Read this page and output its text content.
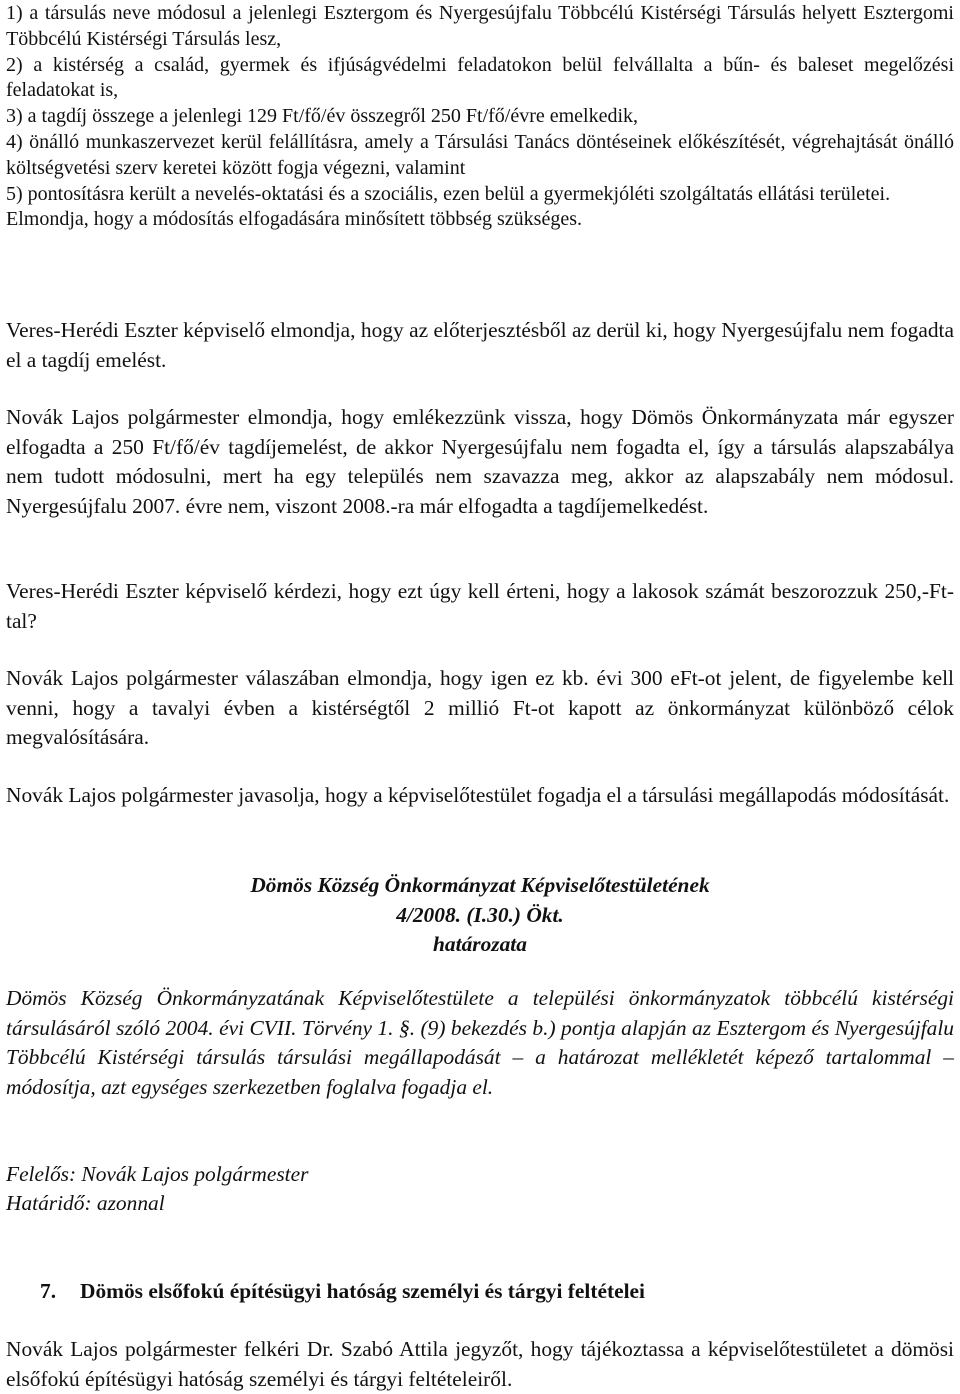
1) a társulás neve módosul a jelenlegi Esztergom és Nyergesújfalu Többcélú Kistérségi Társulás helyett Esztergomi Többcélú Kistérségi Társulás lesz,

2) a kistérség a család, gyermek és ifjúságvédelmi feladatokon belül felvállalta a bűn- és baleset megelőzési feladatokat is,

3) a tagdíj összege a jelenlegi 129 Ft/fő/év összegről 250 Ft/fő/évre emelkedik,

4) önálló munkaszervezet kerül felállításra, amely a Társulási Tanács döntéseinek előkészítését, végrehajtását önálló költségvetési szerv keretei között fogja végezni, valamint

5) pontosításra került a nevelés-oktatási és a szociális, ezen belül a gyermekjóléti szolgáltatás ellátási területei.

Elmondja, hogy a módosítás elfogadására minősített többség szükséges.

Veres-Herédi Eszter képviselő elmondja, hogy az előterjesztésből az derül ki, hogy Nyergesújfalu nem fogadta el a tagdíj emelést.

Novák Lajos polgármester elmondja, hogy emlékezzünk vissza, hogy Dömös Önkormányzata már egyszer elfogadta a 250 Ft/fő/év tagdíjemelést, de akkor Nyergesújfalu nem fogadta el, így a társulás alapszabálya nem tudott módosulni, mert ha egy település nem szavazza meg, akkor az alapszabály nem módosul. Nyergesújfalu 2007. évre nem, viszont 2008.-ra már elfogadta a tagdíjemelkedést.

Veres-Herédi Eszter képviselő kérdezi, hogy ezt úgy kell érteni, hogy a lakosok számát beszorozzuk 250,-Ft-tal?

Novák Lajos polgármester válaszában elmondja, hogy igen ez kb. évi 300 eFt-ot jelent, de figyelembe kell venni, hogy a tavalyi évben a kistérségtől 2 millió Ft-ot kapott az önkormányzat különböző célok megvalósítására.

Novák Lajos polgármester javasolja, hogy a képviselőtestület fogadja el a társulási megállapodás módosítását.

Dömös Község Önkormányzat Képviselőtestületének
4/2008. (I.30.) Ökt.
határozata

Dömös Község Önkormányzatának Képviselőtestülete a települési önkormányzatok többcélú kistérségi társulásáról szóló 2004. évi CVII. Törvény 1. §. (9) bekezdés b.) pontja alapján az Esztergom és Nyergesújfalu Többcélú Kistérségi társulás társulási megállapodását – a határozat mellékletét képező tartalommal – módosítja, azt egységes szerkezetben foglalva fogadja el.

Felelős: Novák Lajos polgármester

Határidő: azonnal

7. Dömös elsőfokú építésügyi hatóság személyi és tárgyi feltételei

Novák Lajos polgármester felkéri Dr. Szabó Attila jegyzőt, hogy tájékoztassa a képviselőtestületet a dömösi elsőfokú építésügyi hatóság személyi és tárgyi feltételeiről.
